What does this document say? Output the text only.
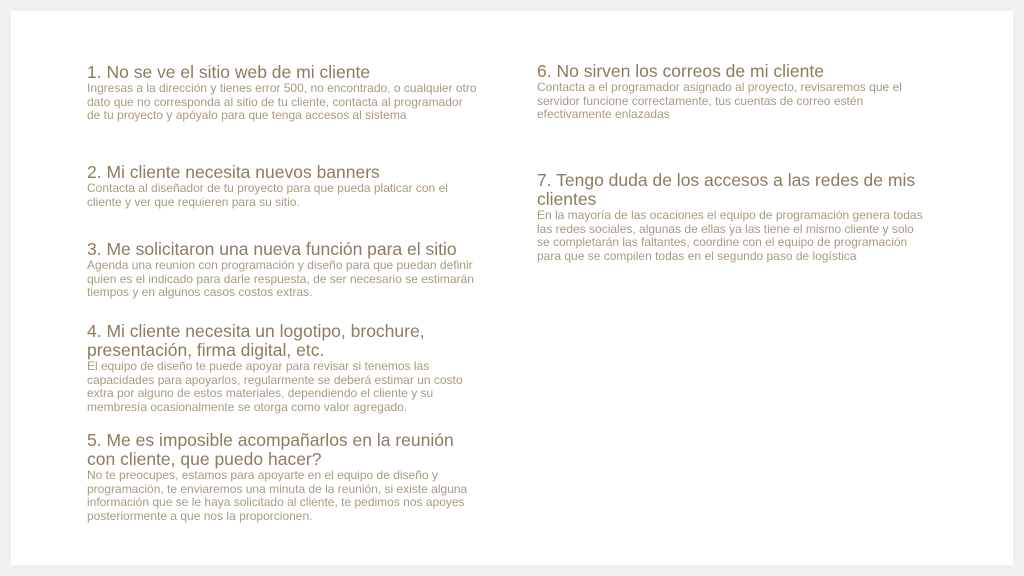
1. No se ve el sitio web de mi cliente

Ingresas a la dirección y tienes error 500, no encontrado, o cualquier otro dato que no corresponda al sitio de tu cliente, contacta al programador de tu proyecto y apóyalo para que tenga accesos al sistema

2. Mi cliente necesita nuevos banners

Contacta al diseñador de tu proyecto para que pueda platicar con el cliente y ver que requieren para su sitio.

3. Me solicitaron una nueva función para el sitio

Agenda una reunion con programación y diseño para que puedan definir quien es el indicado para darle respuesta, de ser necesario se estimarán tiempos y en algunos casos costos extras.

4. Mi cliente necesita un logotipo, brochure, presentación, firma digital, etc.

El equipo de diseño te puede apoyar para revisar si tenemos las capacidades para apoyarlos, regularmente se deberá estimar un costo extra por alguno de estos materiales, dependiendo el cliente y su membresía ocasionalmente se otorga como valor agregado.

5. Me es imposible acompañarlos en la reunión con cliente, que puedo hacer?

No te preocupes, estamos para apoyarte en el equipo de diseño y programación, te enviaremos una minuta de la reunión, si existe alguna información que se le haya solicitado al cliente, te pedimos nos apoyes posteriormente a que nos la proporcionen.

6. No sirven los correos de mi cliente

Contacta a el programador asignado al proyecto, revisaremos que el servidor funcione correctamente, tus cuentas de correo estén efectivamente enlazadas

7. Tengo duda de los accesos a las redes de mis clientes

En la mayoría de las ocaciones el equipo de programación genera todas las redes sociales, algunas de ellas ya las tiene el mismo cliente y solo se completarán las faltantes, coordine con el equipo de programación para que se compilen todas en el segundo paso de logística
